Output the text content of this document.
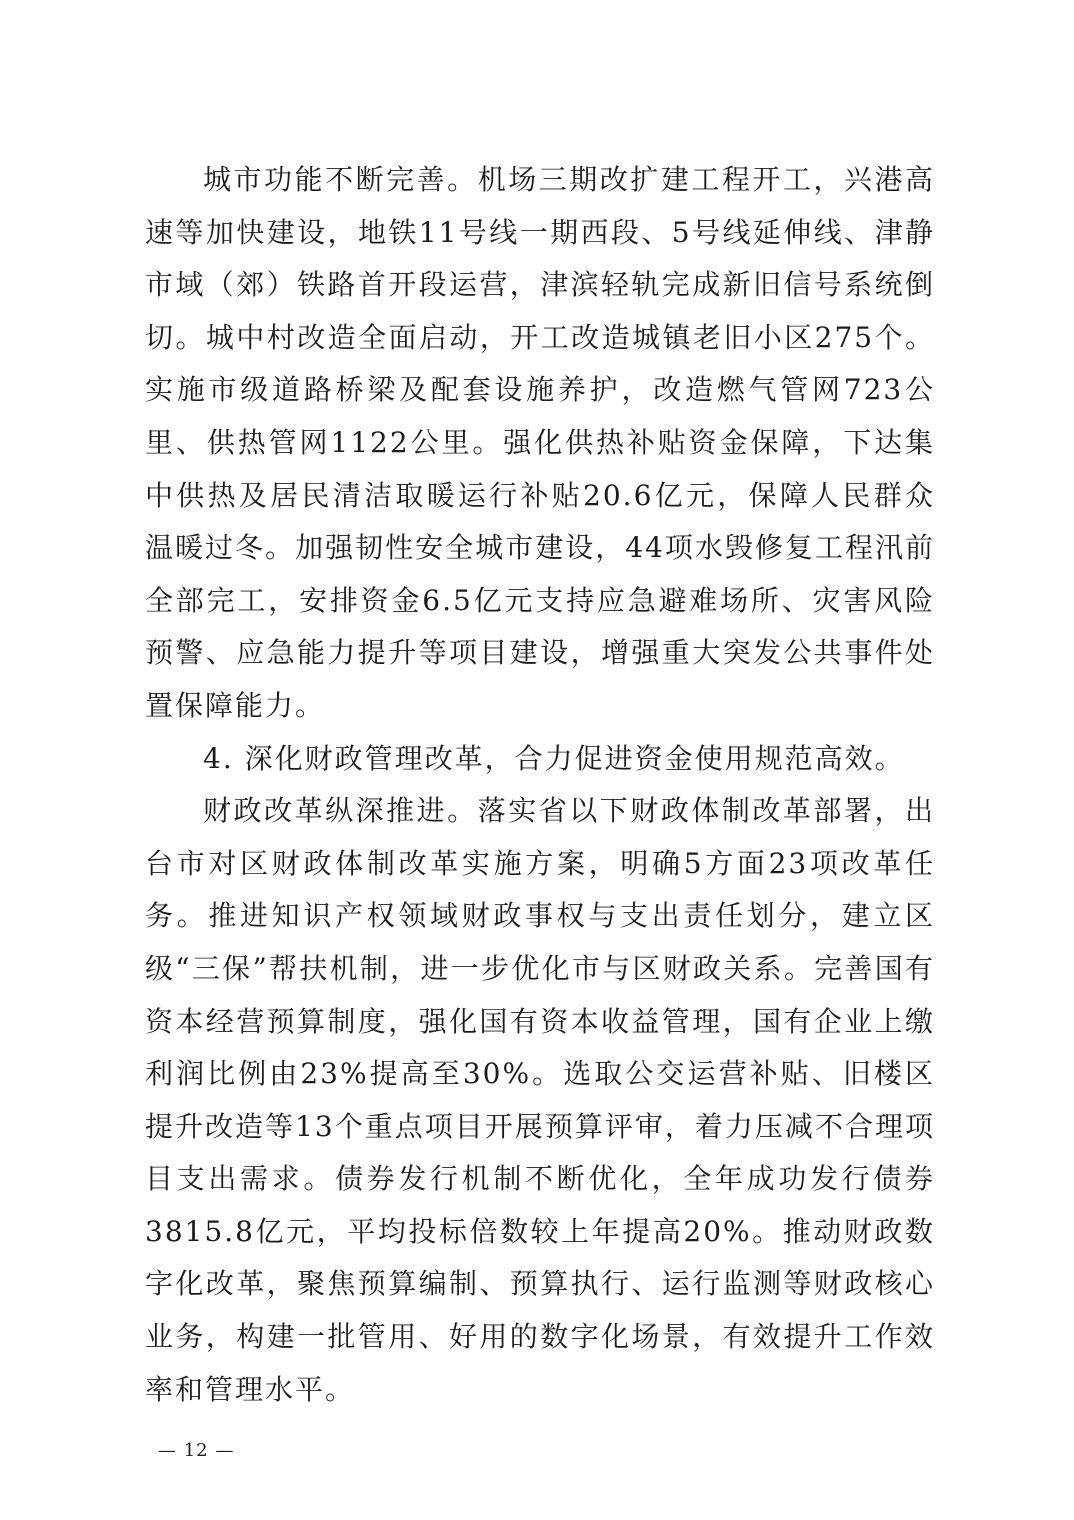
城市功能不断完善。机场三期改扩建工程开工，兴港高速等加快建设，地铁11号线一期西段、5号线延伸线、津静市域（郊）铁路首开段运营，津滨轻轨完成新旧信号系统倒切。城中村改造全面启动，开工改造城镇老旧小区275个。实施市级道路桥梁及配套设施养护，改造燃气管网723公里、供热管网1122公里。强化供热补贴资金保障，下达集中供热及居民清洁取暖运行补贴20.6亿元，保障人民群众温暖过冬。加强韧性安全城市建设，44项水毁修复工程汛前全部完工，安排资金6.5亿元支持应急避难场所、灾害风险预警、应急能力提升等项目建设，增强重大突发公共事件处置保障能力。

4. 深化财政管理改革，合力促进资金使用规范高效。

财政改革纵深推进。落实省以下财政体制改革部署，出台市对区财政体制改革实施方案，明确5方面23项改革任务。推进知识产权领域财政事权与支出责任划分，建立区级“三保”帮扶机制，进一步优化市与区财政关系。完善国有资本经营预算制度，强化国有资本收益管理，国有企业上缴利润比例由23%提高至30%。选取公交运营补贴、旧楼区提升改造等13个重点项目开展预算评审，着力压减不合理项目支出需求。债券发行机制不断优化，全年成功发行债券3815.8亿元，平均投标倍数较上年提高20%。推动财政数字化改革，聚焦预算编制、预算执行、运行监测等财政核心业务，构建一批管用、好用的数字化场景，有效提升工作效率和管理水平。

— 12 —
